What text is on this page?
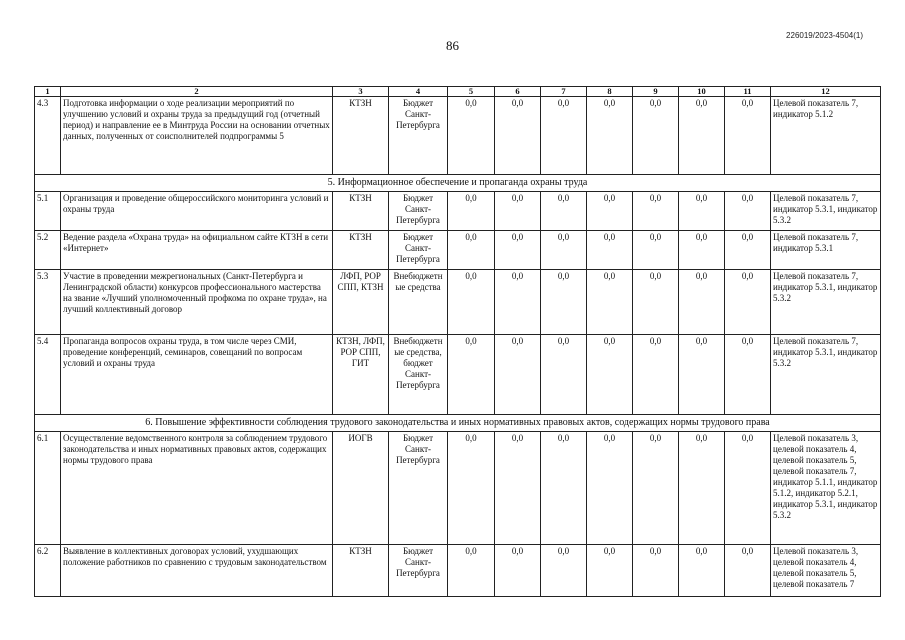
226019/2023-4504(1)
86
1	2	3	4	5	6	7	8	9	10	11	12
4.3	Подготовка информации о ходе реализации мероприятий по улучшению условий и охраны труда за предыдущий год (отчетный период) и направление ее в Минтруда России на основании отчетных данных, полученных от соисполнителей подпрограммы 5	КТЗН	Бюджет Санкт-Петербурга	0,0	0,0	0,0	0,0	0,0	0,0	0,0	Целевой показатель 7, индикатор 5.1.2
5. Информационное обеспечение и пропаганда охраны труда											
5.1	Организация и проведение общероссийского мониторинга условий и охраны труда	КТЗН	Бюджет Санкт-Петербурга	0,0	0,0	0,0	0,0	0,0	0,0	0,0	Целевой показатель 7, индикатор 5.3.1, индикатор 5.3.2
5.2	Ведение раздела «Охрана труда» на официальном сайте КТЗН в сети «Интернет»	КТЗН	Бюджет Санкт-Петербурга	0,0	0,0	0,0	0,0	0,0	0,0	0,0	Целевой показатель 7, индикатор 5.3.1
5.3	Участие в проведении межрегиональных (Санкт-Петербурга и Ленинградской области) конкурсов профессионального мастерства на звание «Лучший уполномоченный профкома по охране труда», на лучший коллективный договор	ЛФП, РОР СПП, КТЗН	Внебюджетные средства	0,0	0,0	0,0	0,0	0,0	0,0	0,0	Целевой показатель 7, индикатор 5.3.1, индикатор 5.3.2
5.4	Пропаганда вопросов охраны труда, в том числе через СМИ, проведение конференций, семинаров, совещаний по вопросам условий и охраны труда	КТЗН, ЛФП, РОР СПП, ГИТ	Внебюджетные средства, бюджет Санкт-Петербурга	0,0	0,0	0,0	0,0	0,0	0,0	0,0	Целевой показатель 7, индикатор 5.3.1, индикатор 5.3.2
6. Повышение эффективности соблюдения трудового законодательства и иных нормативных правовых актов, содержащих нормы трудового права											
6.1	Осуществление ведомственного контроля за соблюдением трудового законодательства и иных нормативных правовых актов, содержащих нормы трудового права	ИОГВ	Бюджет Санкт-Петербурга	0,0	0,0	0,0	0,0	0,0	0,0	0,0	Целевой показатель 3, целевой показатель 4, целевой показатель 5, целевой показатель 7, индикатор 5.1.1, индикатор 5.1.2, индикатор 5.2.1, индикатор 5.3.1, индикатор 5.3.2
6.2	Выявление в коллективных договорах условий, ухудшающих положение работников по сравнению с трудовым законодательством	КТЗН	Бюджет Санкт-Петербурга	0,0	0,0	0,0	0,0	0,0	0,0	0,0	Целевой показатель 3, целевой показатель 4, целевой показатель 5, целевой показатель 7
